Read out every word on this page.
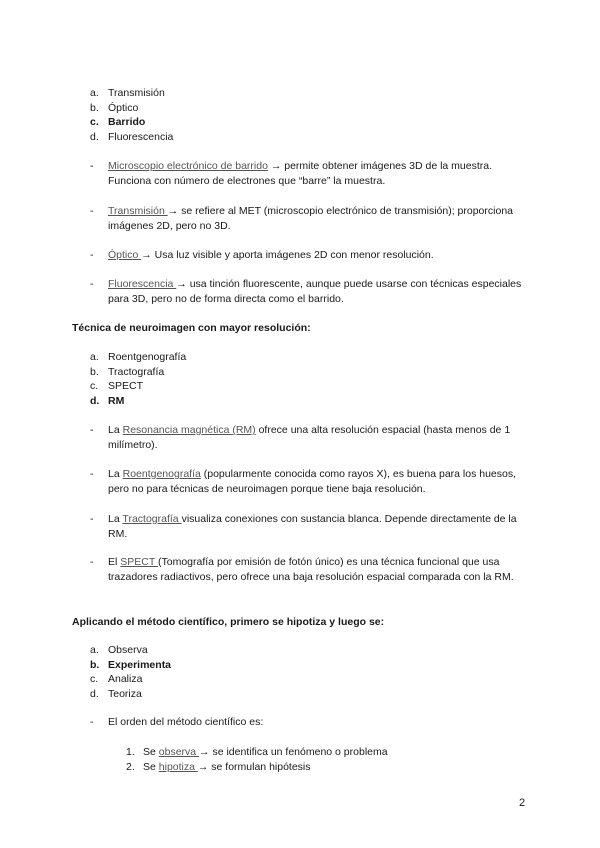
a. Transmisión
b. Óptico
c. Barrido
d. Fluorescencia
-	Microscopio electrónico de barrido → permite obtener imágenes 3D de la muestra. Funciona con número de electrones que “barre” la muestra.
-	Transmisión → se refiere al MET (microscopio electrónico de transmisión); proporciona imágenes 2D, pero no 3D.
-	Óptico → Usa luz visible y aporta imágenes 2D con menor resolución.
-	Fluorescencia → usa tinción fluorescente, aunque puede usarse con técnicas especiales para 3D, pero no de forma directa como el barrido.
Técnica de neuroimagen con mayor resolución:
a. Roentgenografía
b. Tractografía
c. SPECT
d. RM
-	La Resonancia magnética (RM) ofrece una alta resolución espacial (hasta menos de 1 milímetro).
-	La Roentgenografía (popularmente conocida como rayos X), es buena para los huesos, pero no para técnicas de neuroimagen porque tiene baja resolución.
-	La Tractografía visualiza conexiones con sustancia blanca. Depende directamente de la RM.
-	El SPECT (Tomografía por emisión de fotón único) es una técnica funcional que usa trazadores radiactivos, pero ofrece una baja resolución espacial comparada con la RM.
Aplicando el método científico, primero se hipotiza y luego se:
a. Observa
b. Experimenta
c. Analiza
d. Teoriza
-	El orden del método científico es:
1. Se observa → se identifica un fenómeno o problema
2. Se hipotiza → se formulan hipótesis
2
